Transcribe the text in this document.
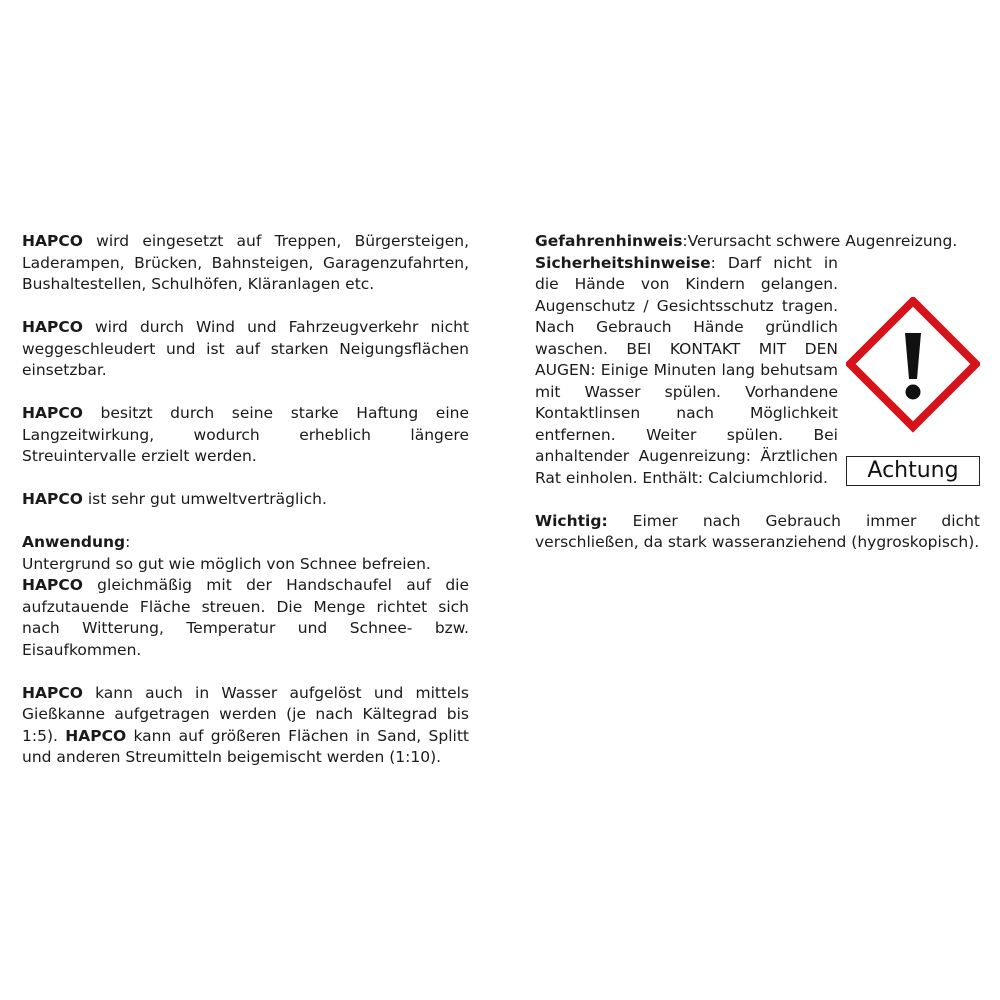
HAPCO wird eingesetzt auf Treppen, Bürgersteigen, Laderampen, Brücken, Bahnsteigen, Garagenzufahrten, Bushaltestellen, Schulhöfen, Kläranlagen etc.

HAPCO wird durch Wind und Fahrzeugverkehr nicht weggeschleudert und ist auf starken Neigungsflächen einsetzbar.

HAPCO besitzt durch seine starke Haftung eine Langzeitwirkung, wodurch erheblich längere Streuintervalle erzielt werden.

HAPCO ist sehr gut umweltverträglich.

Anwendung:
Untergrund so gut wie möglich von Schnee befreien.
HAPCO gleichmäßig mit der Handschaufel auf die aufzutauende Fläche streuen. Die Menge richtet sich nach Witterung, Temperatur und Schnee- bzw. Eisaufkommen.

HAPCO kann auch in Wasser aufgelöst und mittels Gießkanne aufgetragen werden (je nach Kältegrad bis 1:5). HAPCO kann auf größeren Flächen in Sand, Splitt und anderen Streumitteln beigemischt werden (1:10).

Gefahrenhinweis:Verursacht schwere Augenreizung.

Achtung
Sicherheitshinweise: Darf nicht in die Hände von Kindern gelangen. Augenschutz / Gesichtsschutz tragen. Nach Gebrauch Hände gründlich waschen. BEI KONTAKT MIT DEN AUGEN: Einige Minuten lang behutsam mit Wasser spülen. Vorhandene Kontaktlinsen nach Möglichkeit entfernen. Weiter spülen. Bei anhaltender Augenreizung: Ärztlichen Rat einholen. Enthält: Calciumchlorid.

Wichtig: Eimer nach Gebrauch immer dicht verschließen, da stark wasseranziehend (hygroskopisch).
